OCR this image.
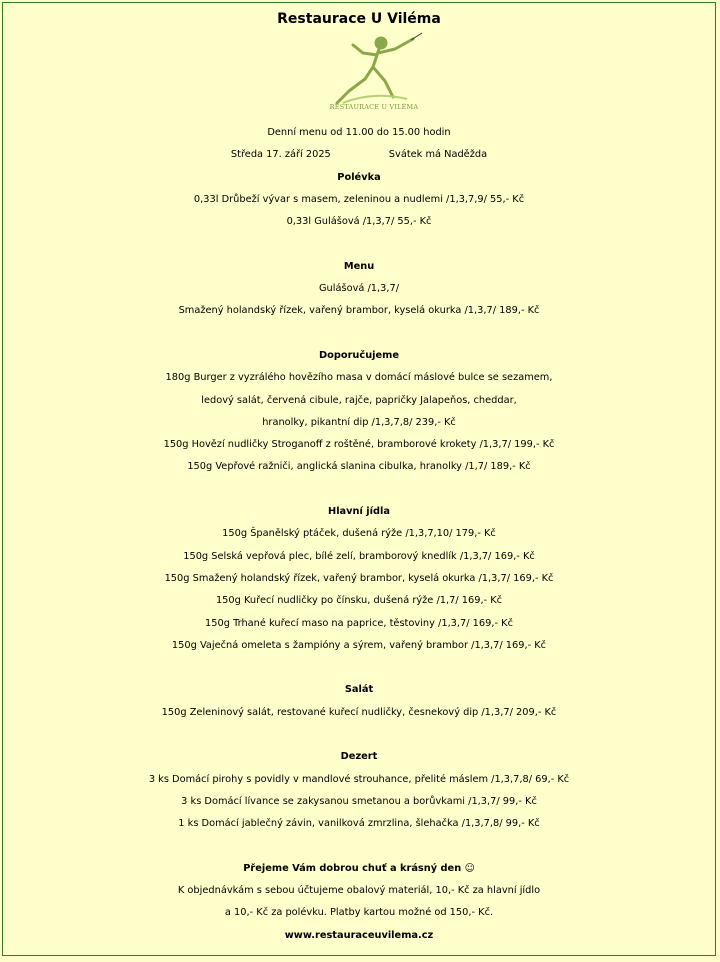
Restaurace U Viléma
RESTAURACE U VILÉMA
Denní menu od 11.00 do 15.00 hodin
Středa 17. září 2025	Svátek má Naděžda
Polévka
0,33l Drůbeží vývar s masem, zeleninou a nudlemi /1,3,7,9/ 55,- Kč
0,33l Gulášová /1,3,7/ 55,- Kč
Menu
Gulášová /1,3,7/
Smažený holandský řízek, vařený brambor, kyselá okurka /1,3,7/ 189,- Kč
Doporučujeme
180g Burger z vyzrálého hovězího masa v domácí máslové bulce se sezamem,
ledový salát, červená cibule, rajče, papričky Jalapeňos, cheddar,
hranolky, pikantní dip /1,3,7,8/ 239,- Kč
150g Hovězí nudličky Stroganoff z roštěné, bramborové krokety /1,3,7/ 199,- Kč
150g Vepřové ražniči, anglická slanina cibulka, hranolky /1,7/ 189,- Kč
Hlavní jídla
150g Španělský ptáček, dušená rýže /1,3,7,10/ 179,- Kč
150g Selská vepřová plec, bílé zelí, bramborový knedlík /1,3,7/ 169,- Kč
150g Smažený holandský řízek, vařený brambor, kyselá okurka /1,3,7/ 169,- Kč
150g Kuřecí nudličky po čínsku, dušená rýže /1,7/ 169,- Kč
150g Trhané kuřecí maso na paprice, těstoviny /1,3,7/ 169,- Kč
150g Vaječná omeleta s žampióny a sýrem, vařený brambor /1,3,7/ 169,- Kč
Salát
150g Zeleninový salát, restované kuřecí nudličky, česnekový dip /1,3,7/ 209,- Kč
Dezert
3 ks Domácí pirohy s povidly v mandlové strouhance, přelité máslem /1,3,7,8/ 69,- Kč
3 ks Domácí lívance se zakysanou smetanou a borůvkami /1,3,7/ 99,- Kč
1 ks Domácí jablečný závin, vanilková zmrzlina, šlehačka /1,3,7,8/ 99,- Kč
Přejeme Vám dobrou chuť a krásný den ☺
K objednávkám s sebou účtujeme obalový materiál, 10,- Kč za hlavní jídlo
a 10,- Kč za polévku. Platby kartou možné od 150,- Kč.
www.restauraceuvilema.cz
